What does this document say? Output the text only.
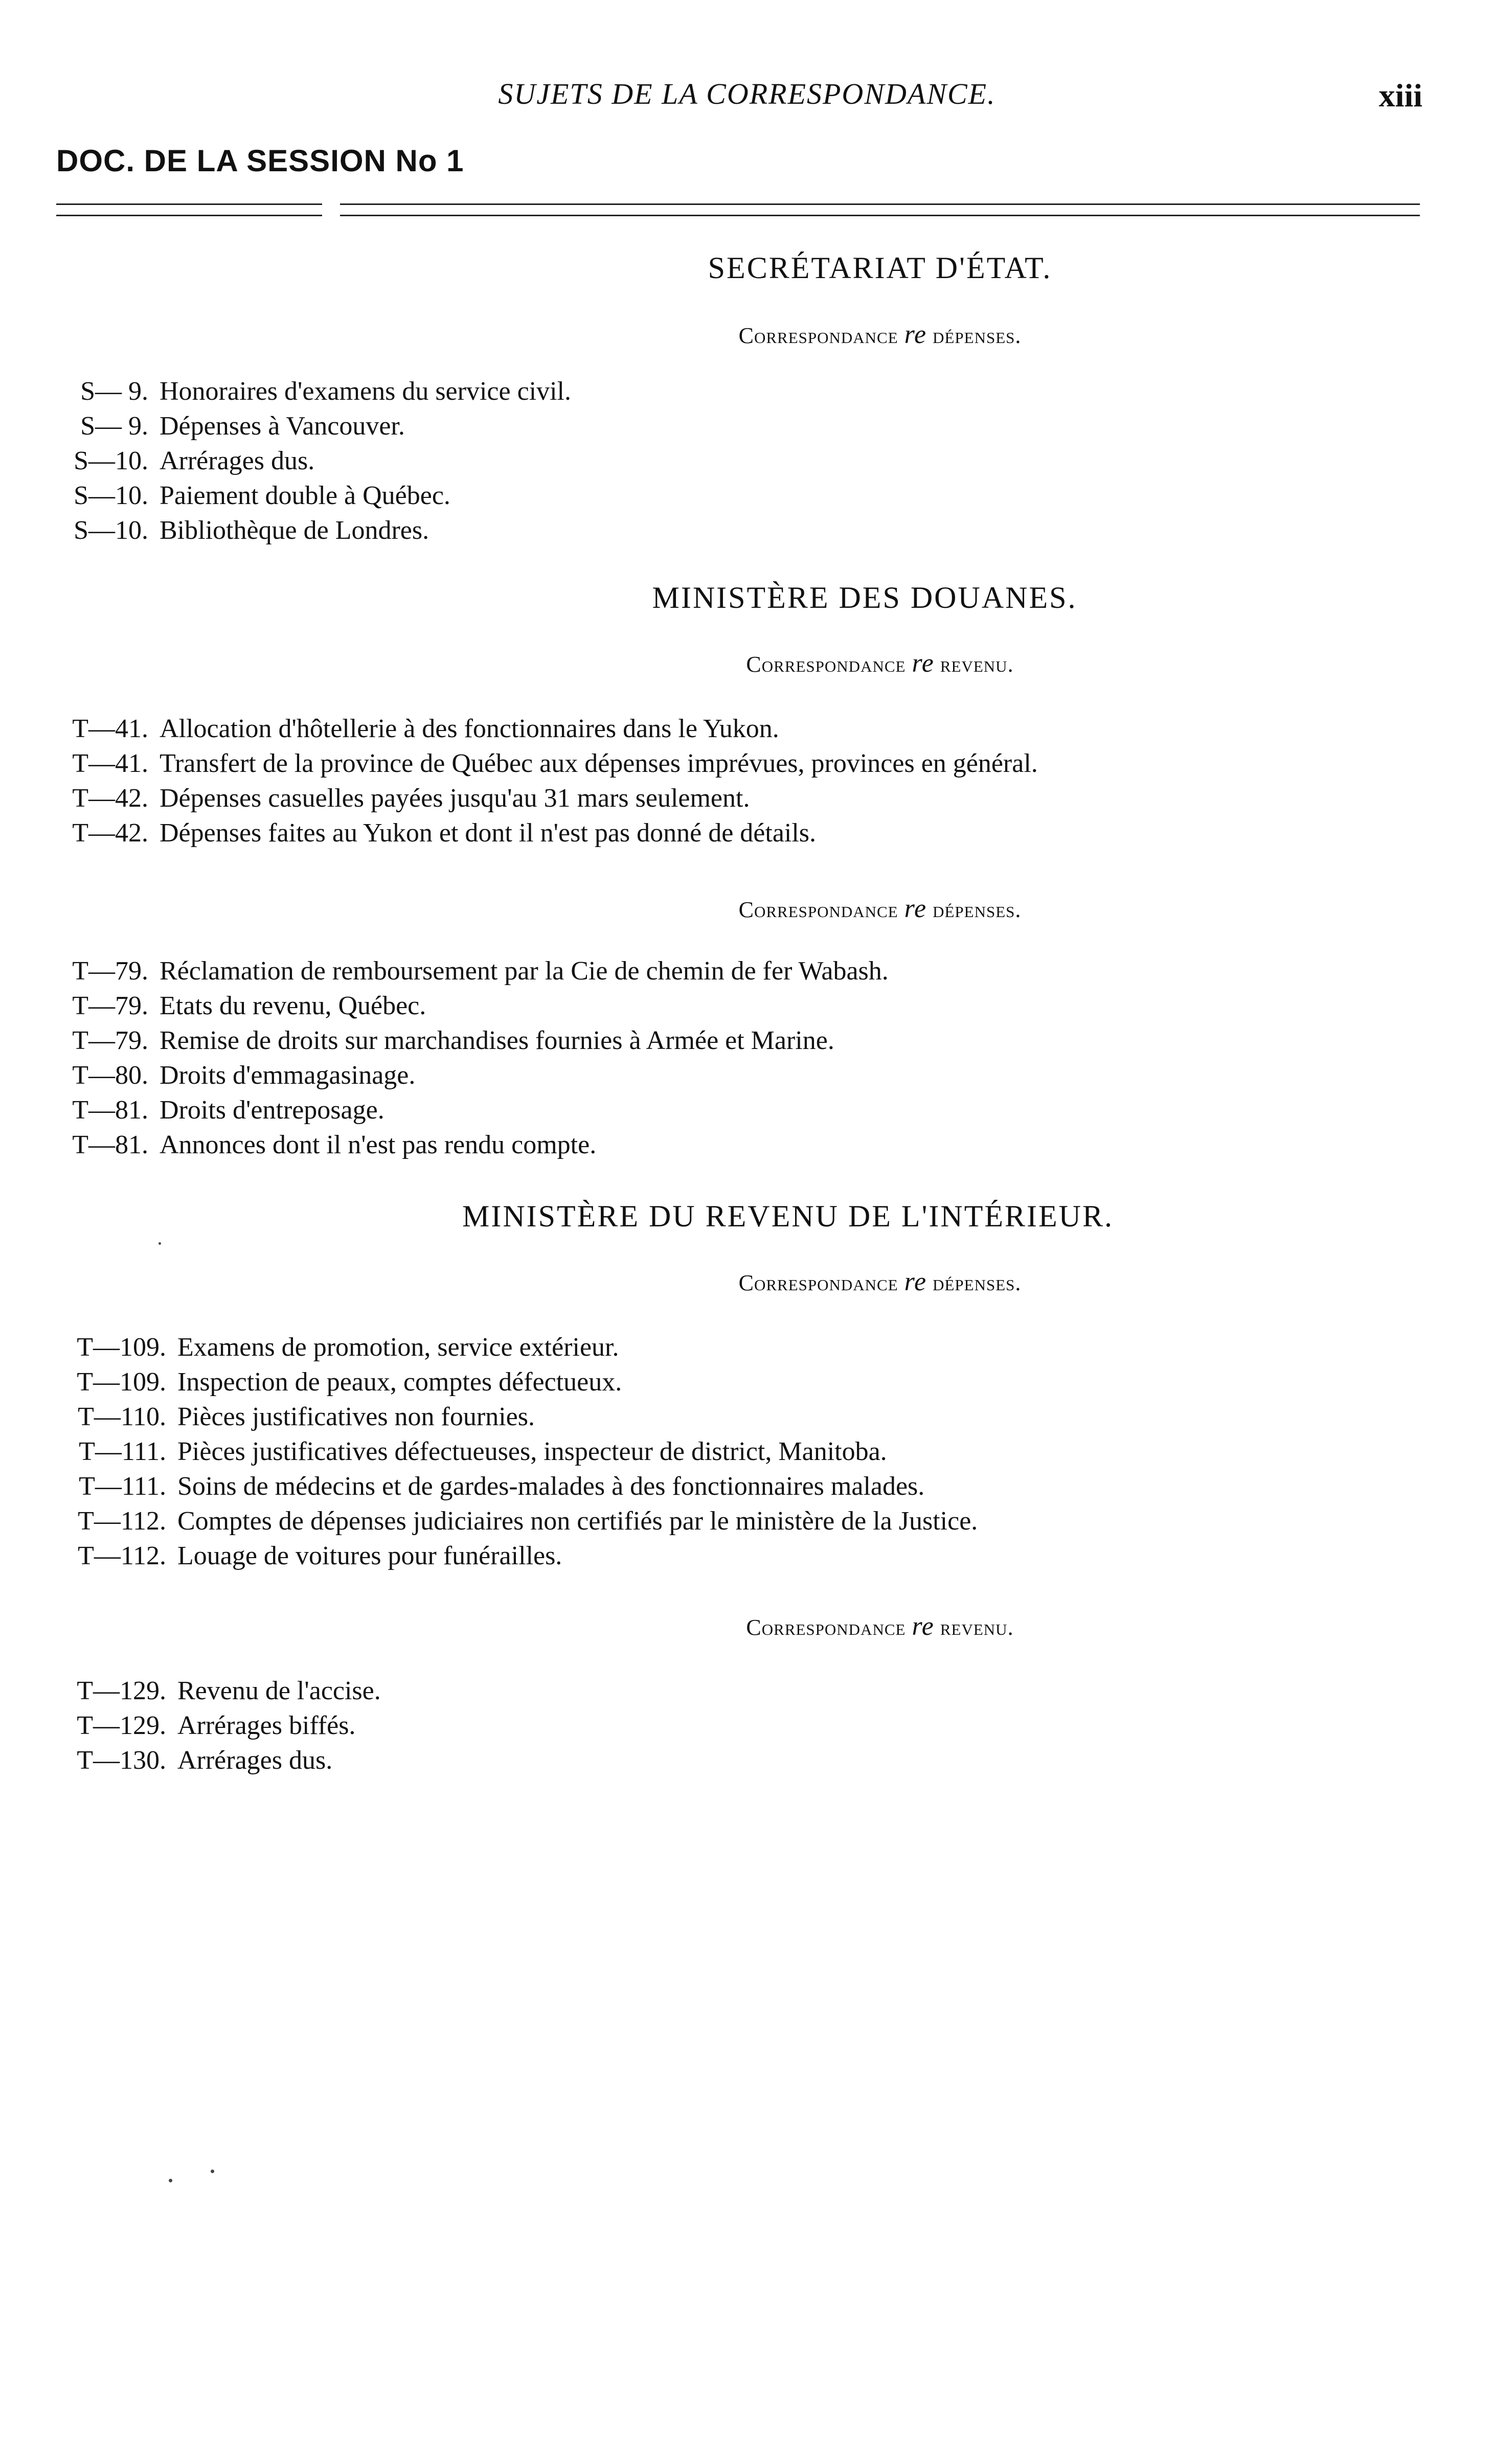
SUJETS DE LA CORRESPONDANCE.	xiii
DOC. DE LA SESSION No 1
SECRÉTARIAT D'ÉTAT.
Correspondance re dépenses.
S— 9. Honoraires d'examens du service civil.
S— 9. Dépenses à Vancouver.
S—10. Arrérages dus.
S—10. Paiement double à Québec.
S—10. Bibliothèque de Londres.
MINISTÈRE DES DOUANES.
Correspondance re revenu.
T—41. Allocation d'hôtellerie à des fonctionnaires dans le Yukon.
T—41. Transfert de la province de Québec aux dépenses imprévues, provinces en général.
T—42. Dépenses casuelles payées jusqu'au 31 mars seulement.
T—42. Dépenses faites au Yukon et dont il n'est pas donné de détails.
Correspondance re dépenses.
T—79. Réclamation de remboursement par la Cie de chemin de fer Wabash.
T—79. Etats du revenu, Québec.
T—79. Remise de droits sur marchandises fournies à Armée et Marine.
T—80. Droits d'emmagasinage.
T—81. Droits d'entreposage.
T—81. Annonces dont il n'est pas rendu compte.
MINISTÈRE DU REVENU DE L'INTÉRIEUR.
Correspondance re dépenses.
T—109. Examens de promotion, service extérieur.
T—109. Inspection de peaux, comptes défectueux.
T—110. Pièces justificatives non fournies.
T—111. Pièces justificatives défectueuses, inspecteur de district, Manitoba.
T—111. Soins de médecins et de gardes-malades à des fonctionnaires malades.
T—112. Comptes de dépenses judiciaires non certifiés par le ministère de la Justice.
T—112. Louage de voitures pour funérailles.
Correspondance re revenu.
T—129. Revenu de l'accise.
T—129. Arrérages biffés.
T—130. Arrérages dus.
